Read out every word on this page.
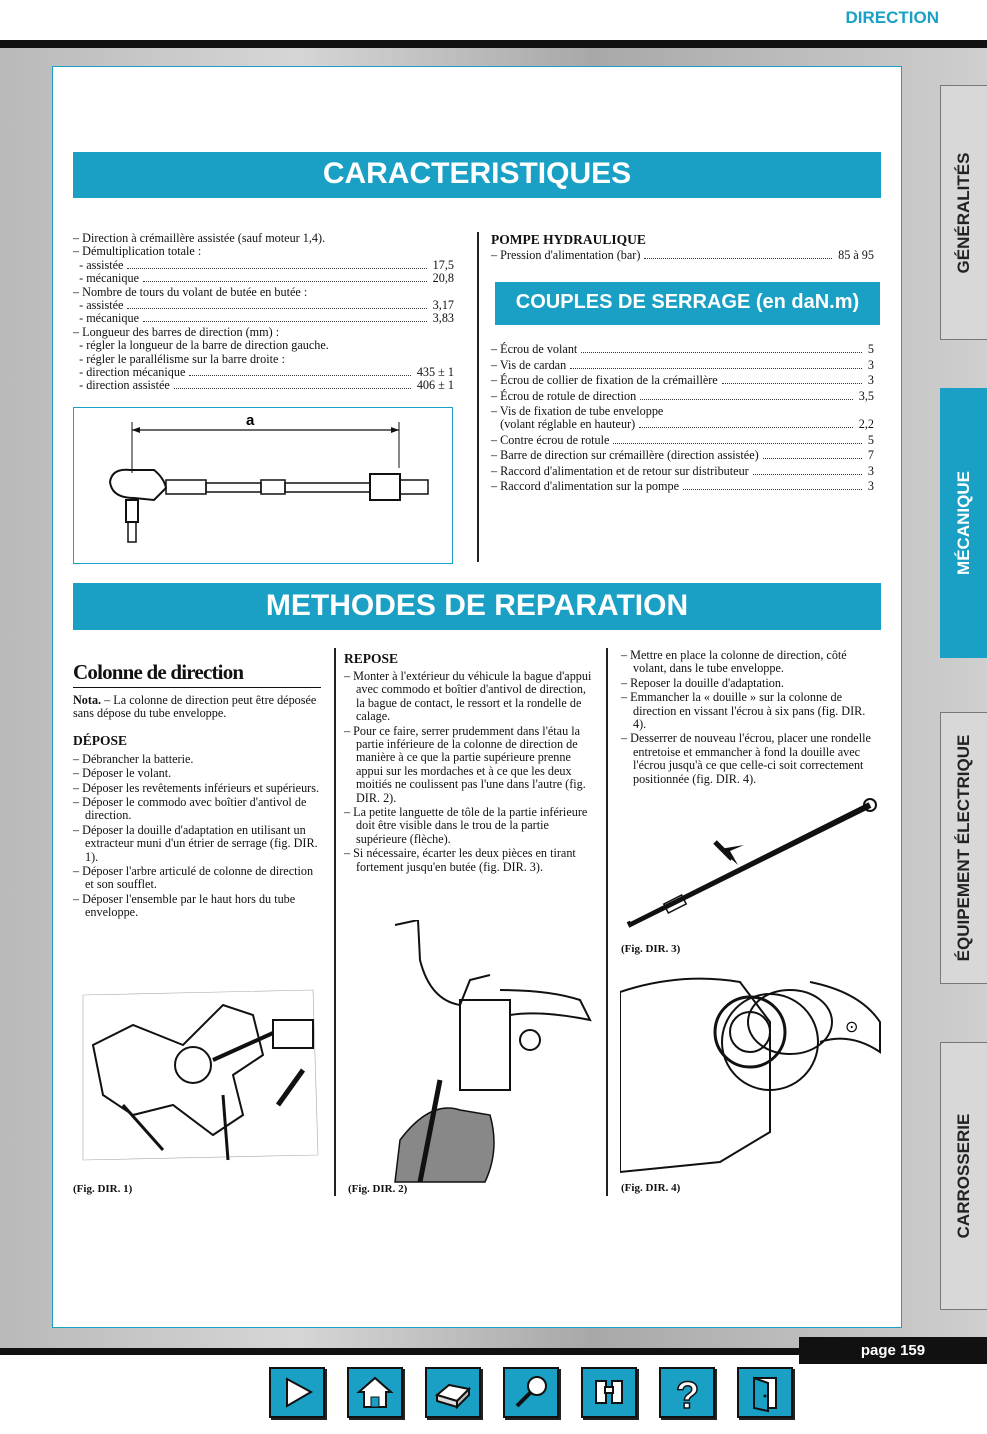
DIRECTION
GÉNÉRALITÉS
MÉCANIQUE
ÉQUIPEMENT ÉLECTRIQUE
CARROSSERIE
CARACTERISTIQUES
– Direction à crémaillère assistée (sauf moteur 1,4).
– Démultiplication totale :
- assistée	17,5
- mécanique	20,8
– Nombre de tours du volant de butée en butée :
- assistée	3,17
- mécanique	3,83
– Longueur des barres de direction (mm) :
- régler la longueur de la barre de direction gauche.
- régler le parallélisme sur la barre droite :
- direction mécanique	435 ± 1
- direction assistée	406 ± 1
a
POMPE HYDRAULIQUE
– Pression d'alimentation (bar)	85 à 95
COUPLES DE SERRAGE (en daN.m)
– Écrou de volant	5
– Vis de cardan	3
– Écrou de collier de fixation de la crémaillère	3
– Écrou de rotule de direction	3,5
– Vis de fixation de tube enveloppe
(volant réglable en hauteur)	2,2
– Contre écrou de rotule	5
– Barre de direction sur crémaillère (direction assistée)	7
– Raccord d'alimentation et de retour sur distributeur	3
– Raccord d'alimentation sur la pompe	3
METHODES DE REPARATION
Colonne de direction

Nota. – La colonne de direction peut être déposée sans dépose du tube enveloppe.

DÉPOSE

– Débrancher la batterie.

– Déposer le volant.

– Déposer les revêtements inférieurs et supérieurs.

– Déposer le commodo avec boîtier d'antivol de direction.

– Déposer la douille d'adaptation en utilisant un extracteur muni d'un étrier de serrage (fig. DIR. 1).

– Déposer l'arbre articulé de colonne de direction et son soufflet.

– Déposer l'ensemble par le haut hors du tube enveloppe.

REPOSE

– Monter à l'extérieur du véhicule la bague d'appui avec commodo et boîtier d'antivol de direction, la bague de contact, le ressort et la rondelle de calage.

– Pour ce faire, serrer prudemment dans l'étau la partie inférieure de la colonne de direction de manière à ce que la partie supérieure prenne appui sur les mordaches et à ce que les deux moitiés ne coulissent pas l'une dans l'autre (fig. DIR. 2).

– La petite languette de tôle de la partie inférieure doit être visible dans le trou de la partie supérieure (flèche).

– Si nécessaire, écarter les deux pièces en tirant fortement jusqu'en butée (fig. DIR. 3).

– Mettre en place la colonne de direction, côté volant, dans le tube enveloppe.

– Reposer la douille d'adaptation.

– Emmancher la « douille » sur la colonne de direction en vissant l'écrou à six pans (fig. DIR. 4).

– Desserrer de nouveau l'écrou, placer une rondelle entretoise et emmancher à fond la douille avec l'écrou jusqu'à ce que celle-ci soit correctement positionnée (fig. DIR. 4).

(Fig. DIR. 1)	(Fig. DIR. 2)
(Fig. DIR. 3)
⊙
(Fig. DIR. 4)
page 159
?
